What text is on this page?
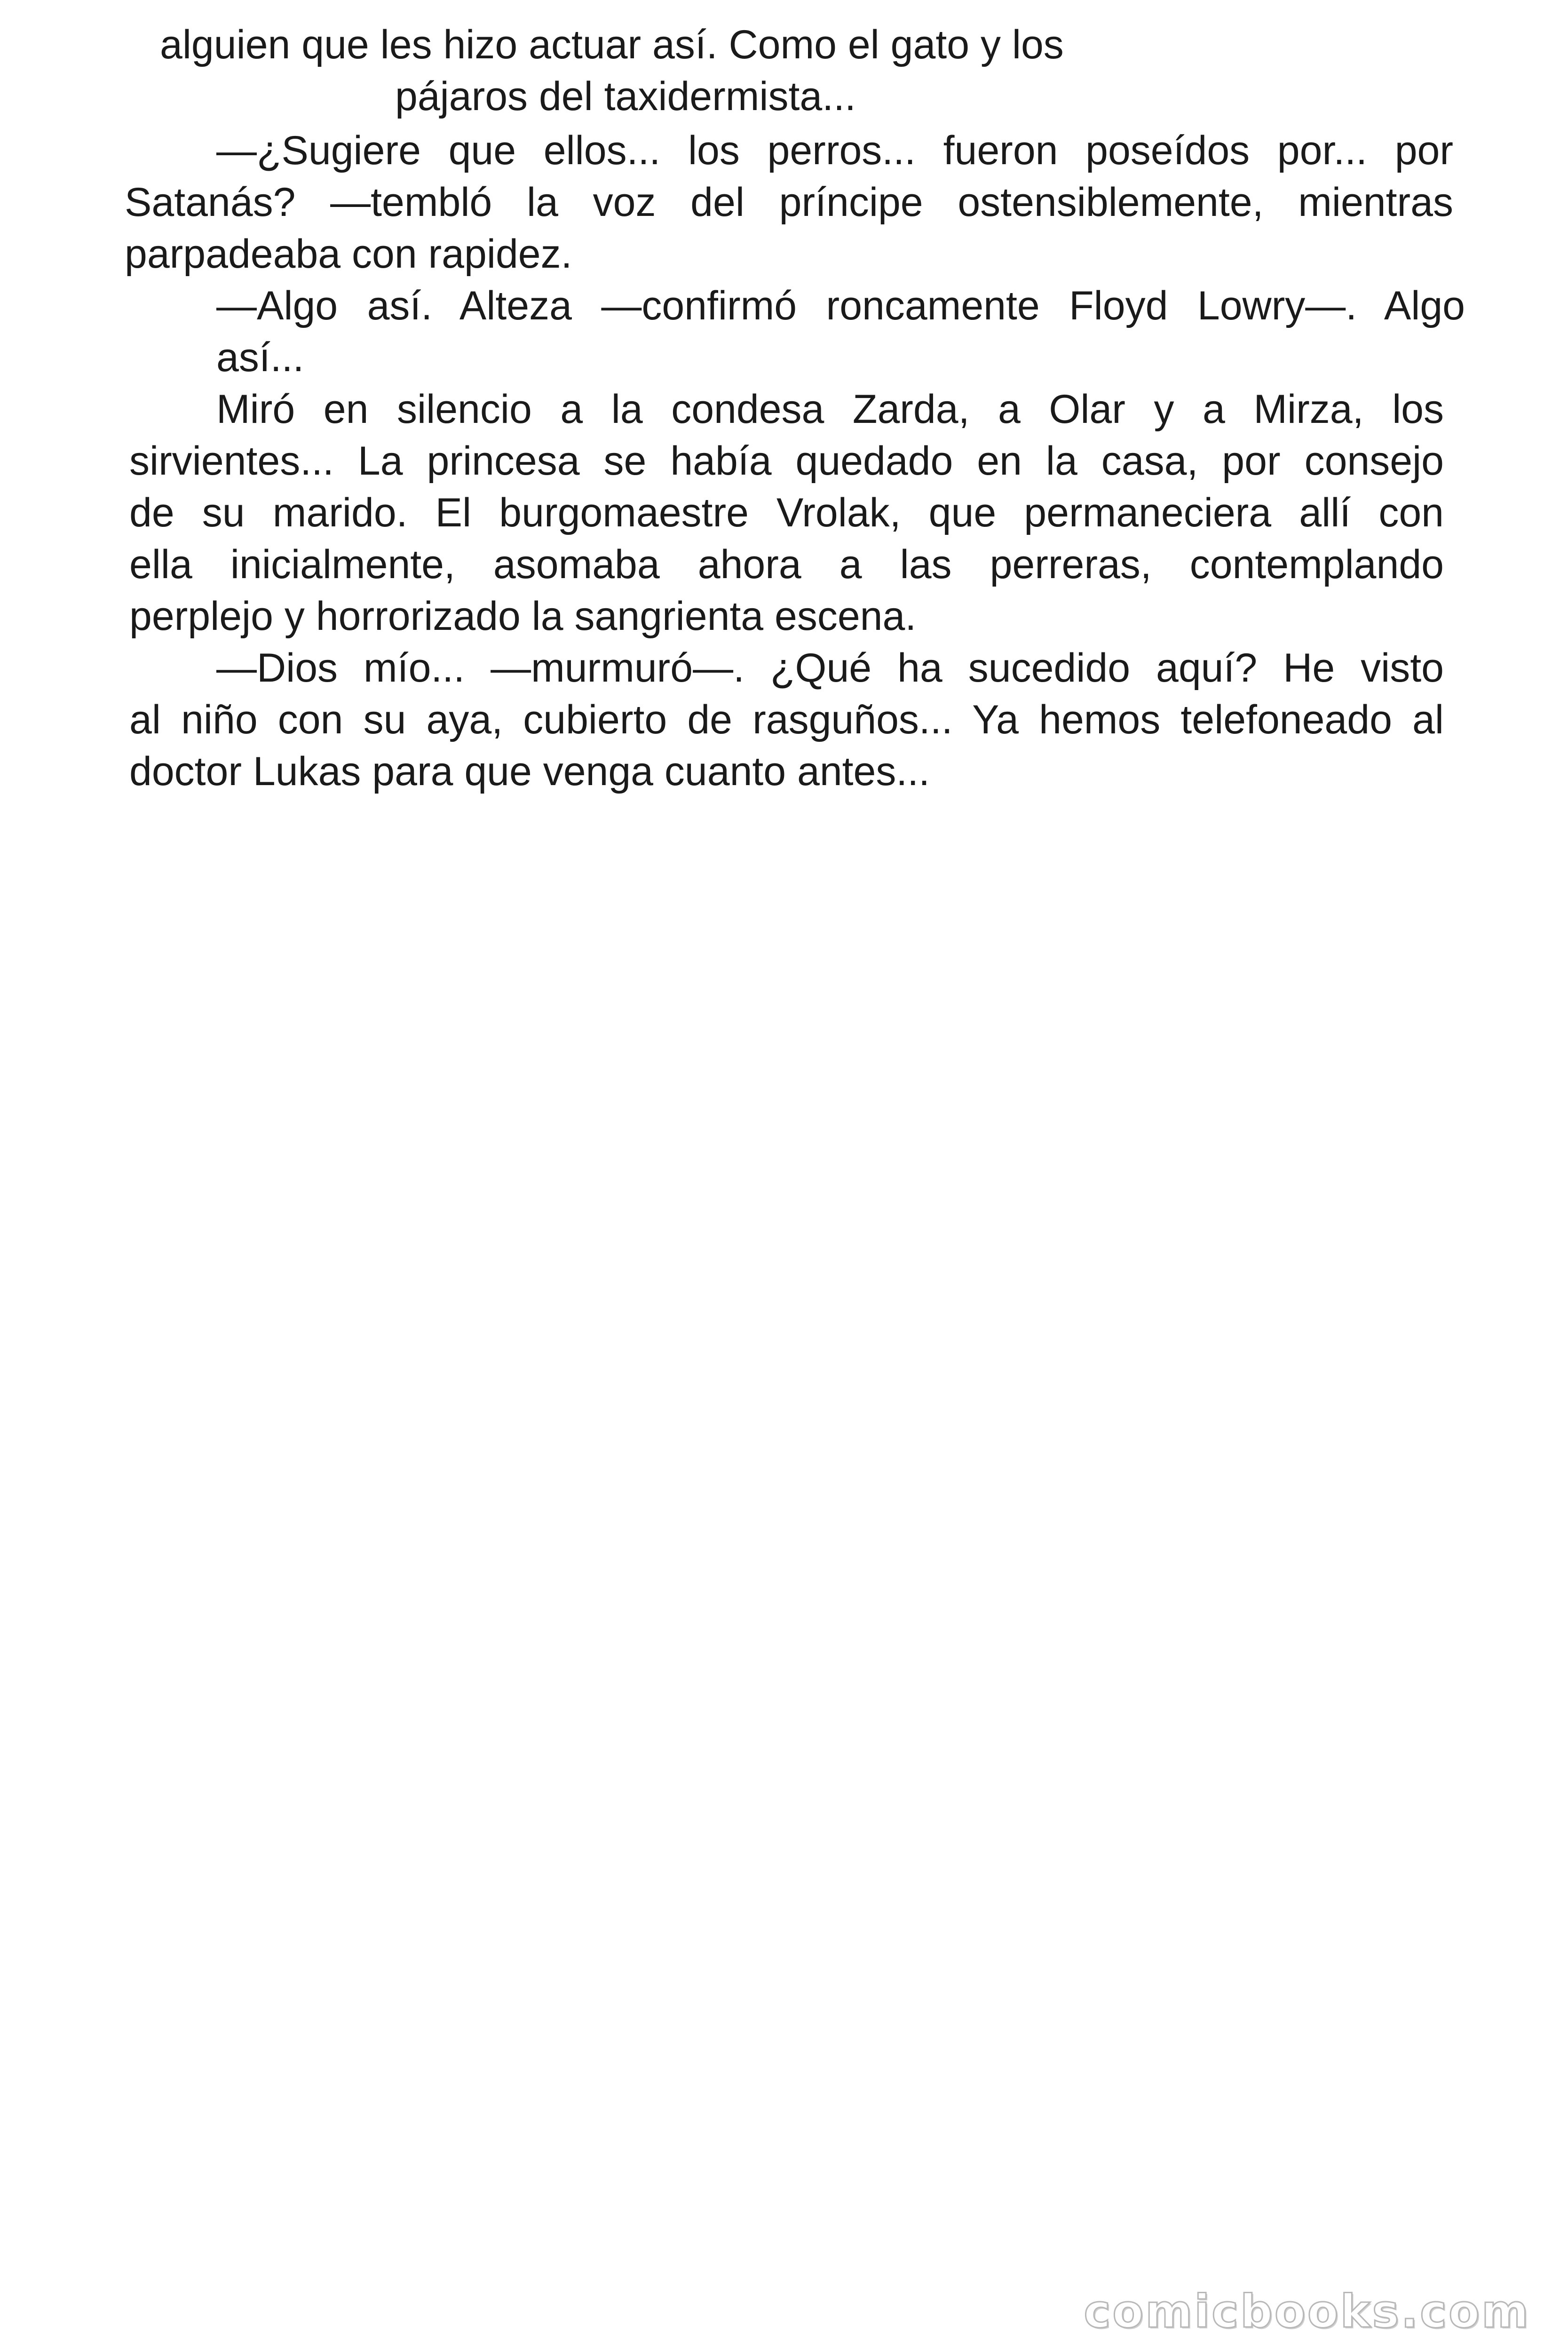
alguien que les hizo actuar así. Como el gato y los
pájaros del taxidermista...
—¿Sugiere que ellos... los perros... fueron poseídos por... por
Satanás? —tembló la voz del príncipe ostensiblemente, mientras
parpadeaba con rapidez.
—Algo así. Alteza —confirmó roncamente Floyd Lowry—. Algo
así...
Miró en silencio a la condesa Zarda, a Olar y a Mirza, los
sirvientes... La princesa se había quedado en la casa, por consejo
de su marido. El burgomaestre Vrolak, que permaneciera allí con
ella inicialmente, asomaba ahora a las perreras, contemplando
perplejo y horrorizado la sangrienta escena.
—Dios mío... —murmuró—. ¿Qué ha sucedido aquí? He visto
al niño con su aya, cubierto de rasguños... Ya hemos telefoneado al
doctor Lukas para que venga cuanto antes...
comicbooks.com
